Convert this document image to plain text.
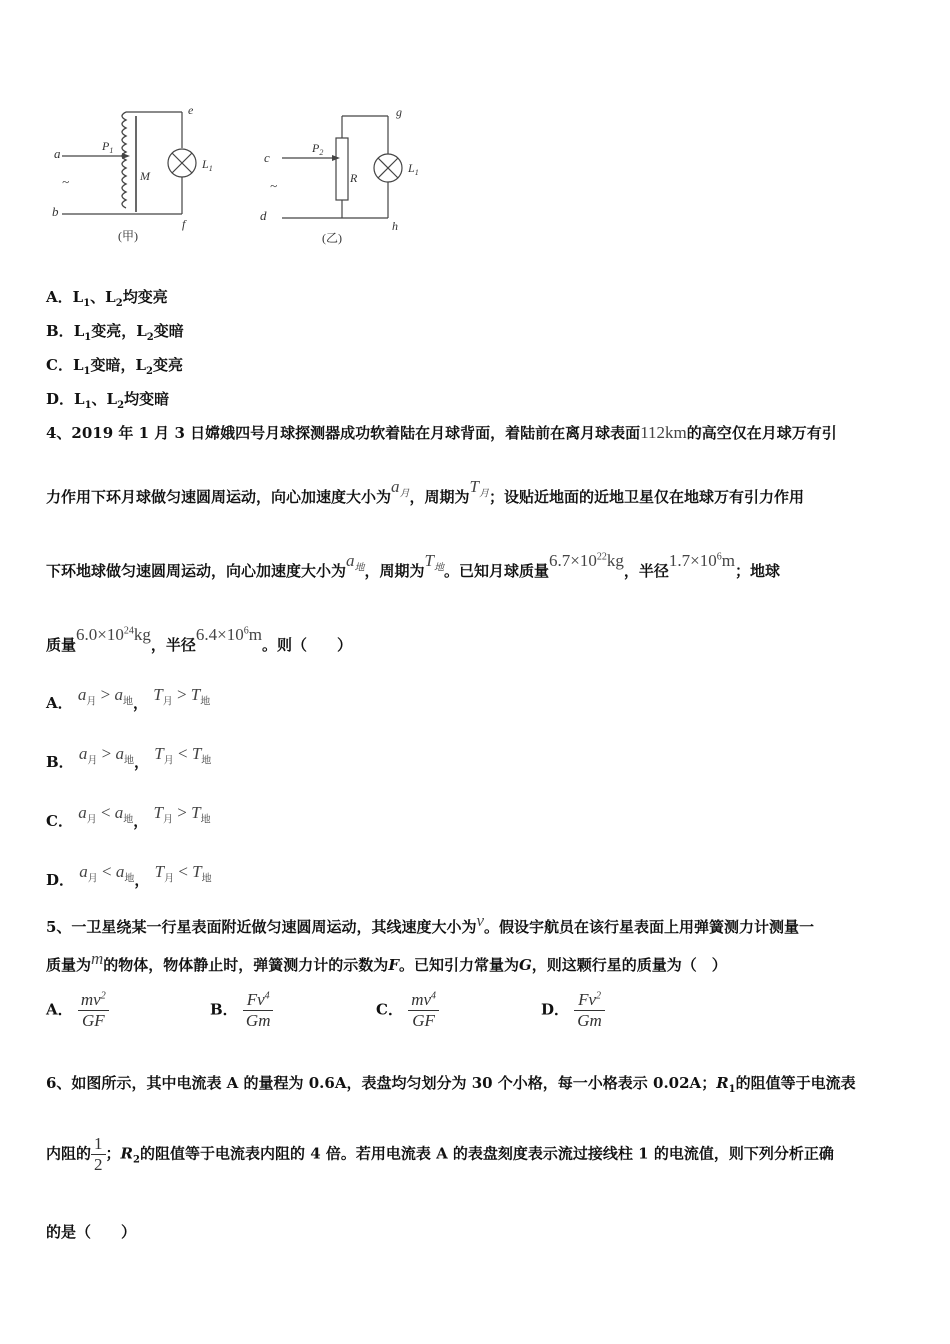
a
~
b
$P_1$
M
e
$L_1$
f
(甲)
c
~
d
$P_2$
R
g
$L_1$
h
(乙)
A．$L_1$、$L_2$均变亮
B．$L_1$变亮，$L_2$变暗
C．$L_1$变暗，$L_2$变亮
D．$L_1$、$L_2$均变暗
4、2019 年 1 月 3 日嫦娥四号月球探测器成功软着陆在月球背面，着陆前在离月球表面112km的高空仅在月球万有引
力作用下环月球做匀速圆周运动，向心加速度大小为$a_月$，周期为$T_月$；设贴近地面的近地卫星仅在地球万有引力作用
下环地球做匀速圆周运动，向心加速度大小为$a_地$，周期为$T_地$。已知月球质量$6.7\times 10^{22}kg$，半径$1.7\times 10^6m$；地球
质量$6.0\times 10^{24}kg$，半径$6.4\times 10^6m$。则（　　）
A． $a_月 > a_地$， $T_月 > T_地$
B． $a_月 > a_地$， $T_月 < T_地$
C． $a_月 < a_地$， $T_月 > T_地$
D． $a_月 < a_地$， $T_月 < T_地$
5、一卫星绕某一行星表面附近做匀速圆周运动，其线速度大小为v。假设宇航员在该行星表面上用弹簧测力计测量一
质量为m的物体，物体静止时，弹簧测力计的示数为F。已知引力常量为G，则这颗行星的质量为（　）
A． $\frac{mv^2}{GF}$	B． $\frac{Fv^4}{Gm}$	C． $\frac{mv^4}{GF}$	D． $\frac{Fv^2}{Gm}$
6、如图所示，其中电流表 A 的量程为 0.6A，表盘均匀划分为 30 个小格，每一小格表示 0.02A；$R_1$的阻值等于电流表
内阻的 $\frac{1}{2}$ ；$R_2$的阻值等于电流表内阻的 4 倍。若用电流表 A 的表盘刻度表示流过接线柱 1 的电流值，则下列分析正确
的是（　　）
